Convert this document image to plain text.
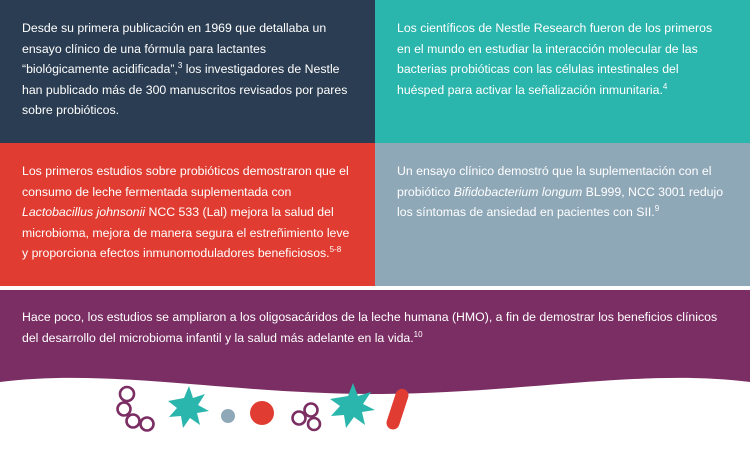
Desde su primera publicación en 1969 que detallaba un ensayo clínico de una fórmula para lactantes “biológicamente acidificada”,$^3$ los investigadores de Nestle han publicado más de 300 manuscritos revisados por pares sobre probióticos.

Los científicos de Nestle Research fueron de los primeros en el mundo en estudiar la interacción molecular de las bacterias probióticas con las células intestinales del huésped para activar la señalización inmunitaria.$^4$

Los primeros estudios sobre probióticos demostraron que el consumo de leche fermentada suplementada con Lactobacillus johnsonii NCC 533 (Lal) mejora la salud del microbioma, mejora de manera segura el estreñimiento leve y proporciona efectos inmunomoduladores beneficiosos.$^{5-8}$

Un ensayo clínico demostró que la suplementación con el probiótico Bifidobacterium longum BL999, NCC 3001 redujo los síntomas de ansiedad en pacientes con SII.$^9$

Hace poco, los estudios se ampliaron a los oligosacáridos de la leche humana (HMO), a fin de demostrar los beneficios clínicos del desarrollo del microbioma infantil y la salud más adelante en la vida.$^{10}$
